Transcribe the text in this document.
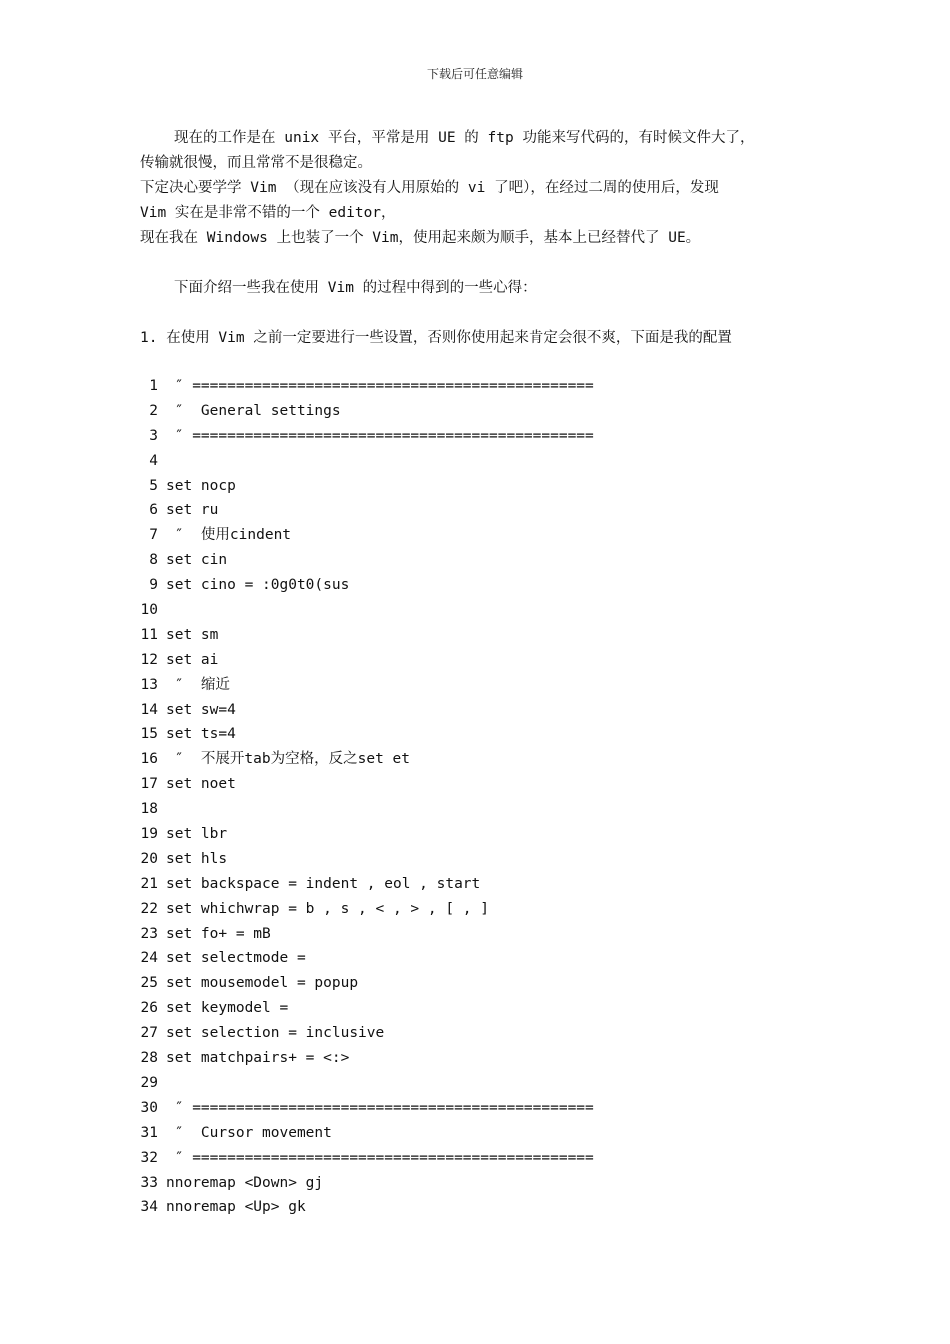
下载后可任意编辑
现在的工作是在 unix 平台，平常是用 UE 的 ftp 功能来写代码的，有时候文件大了，
传输就很慢，而且常常不是很稳定。
下定决心要学学 Vim （现在应该没有人用原始的 vi 了吧），在经过二周的使用后，发现
Vim 实在是非常不错的一个 editor，
现在我在 Windows 上也装了一个 Vim，使用起来颇为顺手，基本上已经替代了 UE。
下面介绍一些我在使用 Vim 的过程中得到的一些心得：
1. 在使用 Vim 之前一定要进行一些设置，否则你使用起来肯定会很不爽，下面是我的配置
1 ″ ==============================================
2 ″  General settings
3 ″ ==============================================
4
5 set nocp
6 set ru
7 ″  使用cindent
8 set cin
9 set cino = :0g0t0(sus
10
11 set sm
12 set ai
13 ″  缩近
14 set sw=4
15 set ts=4
16 ″  不展开tab为空格，反之set et
17 set noet
18
19 set lbr
20 set hls
21 set backspace = indent , eol , start
22 set whichwrap = b , s , < , > , [ , ]
23 set fo+ = mB
24 set selectmode =
25 set mousemodel = popup
26 set keymodel =
27 set selection = inclusive
28 set matchpairs+ = <:>
29
30 ″ ==============================================
31 ″  Cursor movement
32 ″ ==============================================
33 nnoremap <Down> gj
34 nnoremap <Up> gk
